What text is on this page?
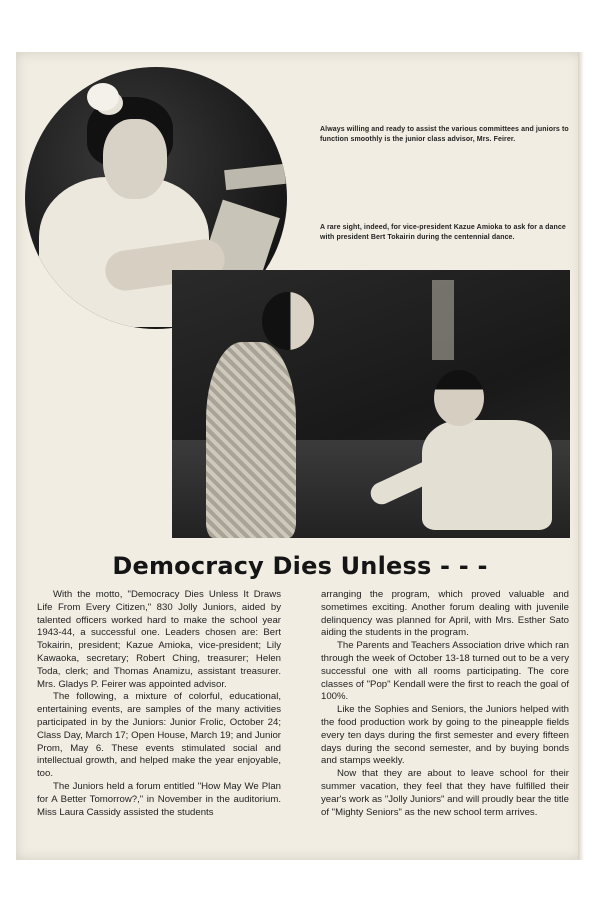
Always willing and ready to assist the various committees and juniors to function smoothly is the junior class advisor, Mrs. Feirer.
A rare sight, indeed, for vice-president Kazue Amioka to ask for a dance with president Bert Tokairin during the centennial dance.
Democracy Dies Unless - - -

With the motto, "Democracy Dies Unless It Draws Life From Every Citizen," 830 Jolly Juniors, aided by talented officers worked hard to make the school year 1943-44, a successful one. Leaders chosen are: Bert Tokairin, president; Kazue Amioka, vice-president; Lily Kawaoka, secretary; Robert Ching, treasurer; Helen Toda, clerk; and Thomas Anamizu, assistant treasurer. Mrs. Gladys P. Feirer was appointed advisor.

The following, a mixture of colorful, educational, entertaining events, are samples of the many activities participated in by the Juniors: Junior Frolic, October 24; Class Day, March 17; Open House, March 19; and Junior Prom, May 6. These events stimulated social and intellectual growth, and helped make the year enjoyable, too.

The Juniors held a forum entitled "How May We Plan for A Better Tomorrow?," in November in the auditorium. Miss Laura Cassidy assisted the students

arranging the program, which proved valuable and sometimes exciting. Another forum dealing with juvenile delinquency was planned for April, with Mrs. Esther Sato aiding the students in the program.

The Parents and Teachers Association drive which ran through the week of October 13-18 turned out to be a very successful one with all rooms participating. The core classes of "Pop" Kendall were the first to reach the goal of 100%.

Like the Sophies and Seniors, the Juniors helped with the food production work by going to the pineapple fields every ten days during the first semester and every fifteen days during the second semester, and by buying bonds and stamps weekly.

Now that they are about to leave school for their summer vacation, they feel that they have fulfilled their year's work as "Jolly Juniors" and will proudly bear the title of "Mighty Seniors" as the new school term arrives.
